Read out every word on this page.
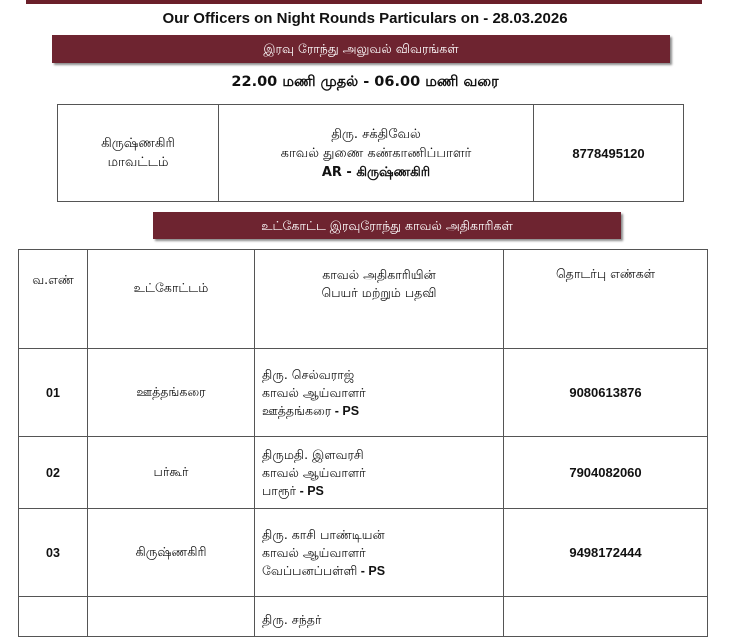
Our Officers on Night Rounds Particulars on - 28.03.2026
இரவு ரோந்து அலுவல் விவரங்கள்
22.00 மணி முதல் - 06.00 மணி வரை
கிருஷ்ணகிரி
மாவட்டம்

திரு. சக்திவேல்
காவல் துணை கண்காணிப்பாளர்
AR - கிருஷ்ணகிரி
	8778495120
உட்கோட்ட இரவுரோந்து காவல் அதிகாரிகள்
வ.எண்	உட்கோட்டம்	காவல் அதிகாரியின்
பெயர் மற்றும் பதவி	தொடர்பு எண்கள்
01	ஊத்தங்கரை	திரு. செல்வராஜ்
காவல் ஆய்வாளர்
ஊத்தங்கரை - PS	9080613876
02	பர்கூர்	திருமதி. இளவரசி
காவல் ஆய்வாளர்
பாரூர் - PS	7904082060
03	கிருஷ்ணகிரி	திரு. காசி பாண்டியன்
காவல் ஆய்வாளர்
வேப்பனப்பள்ளி - PS	9498172444

		திரு. சந்தர்	
